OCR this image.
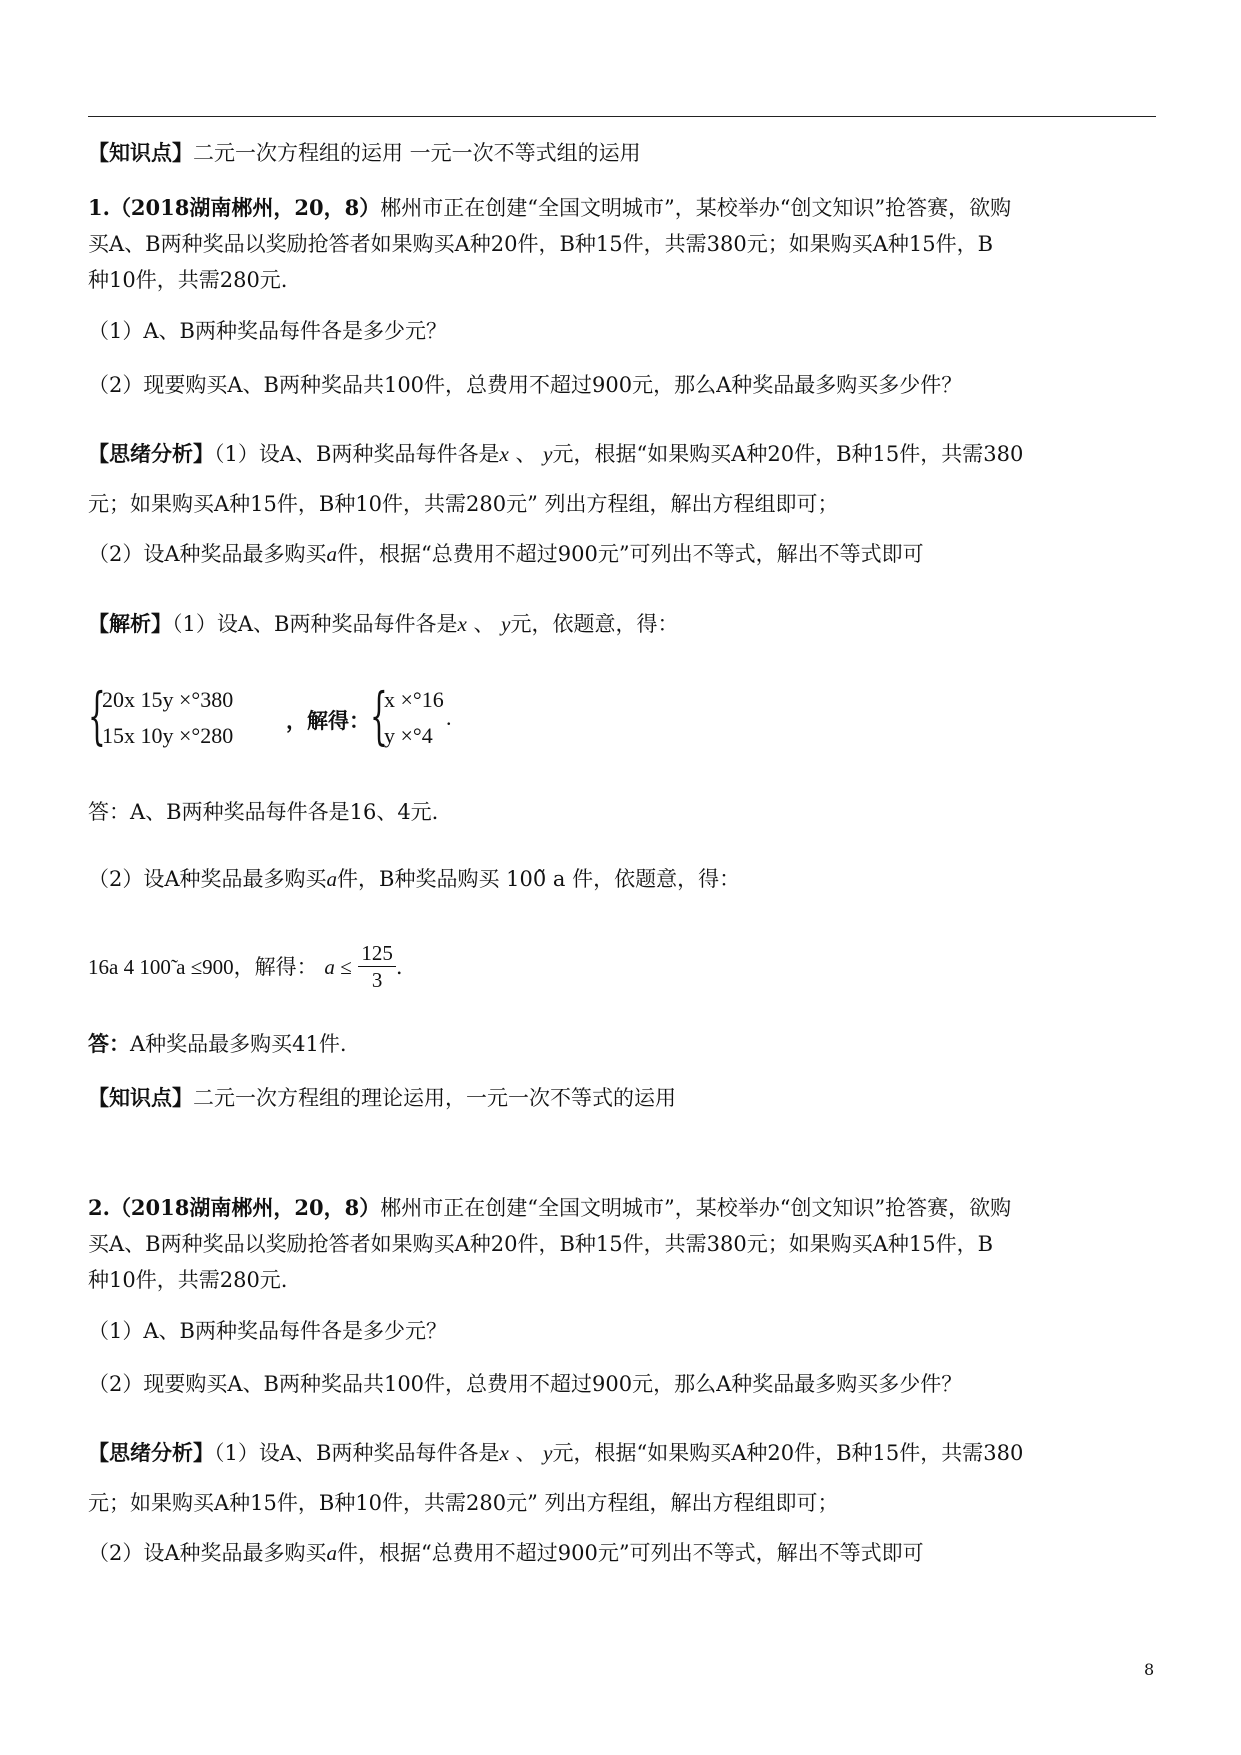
【知识点】二元一次方程组的运用 一元一次不等式组的运用
1.（2018湖南郴州，20，8）郴州市正在创建“全国文明城市”，某校举办“创文知识”抢答赛，欲购
买A、B两种奖品以奖励抢答者如果购买A种20件，B种15件，共需380元；如果购买A种15件，B
种10件，共需280元.
（1）A、B两种奖品每件各是多少元？
（2）现要购买A、B两种奖品共100件，总费用不超过900元，那么A种奖品最多购买多少件？
【思绪分析】（1）设A、B两种奖品每件各是x 、 y元，根据“如果购买A种20件，B种15件，共需380
元；如果购买A种15件，B种10件，共需280元” 列出方程组，解出方程组即可；
（2）设A种奖品最多购买a件，根据“总费用不超过900元”可列出不等式，解出不等式即可
【解析】（1）设A、B两种奖品每件各是x 、 y元，依题意，得：
{
20x 15y ×°380
15x 10y ×°280
，解得： {
x ×°16
y ×°4
.
答：A、B两种奖品每件各是16、4元.
（2）设A种奖品最多购买a件，B种奖品购买 100̃ a 件，依题意，得：
16a 4 100̃ a ≤900，解得： $a \le \frac{125}{3}$ .
答：A种奖品最多购买41件.
【知识点】二元一次方程组的理论运用，一元一次不等式的运用
2.（2018湖南郴州，20，8）郴州市正在创建“全国文明城市”，某校举办“创文知识”抢答赛，欲购
买A、B两种奖品以奖励抢答者如果购买A种20件，B种15件，共需380元；如果购买A种15件，B
种10件，共需280元.
（1）A、B两种奖品每件各是多少元？
（2）现要购买A、B两种奖品共100件，总费用不超过900元，那么A种奖品最多购买多少件？
【思绪分析】（1）设A、B两种奖品每件各是x 、 y元，根据“如果购买A种20件，B种15件，共需380
元；如果购买A种15件，B种10件，共需280元” 列出方程组，解出方程组即可；
（2）设A种奖品最多购买a件，根据“总费用不超过900元”可列出不等式，解出不等式即可
8
